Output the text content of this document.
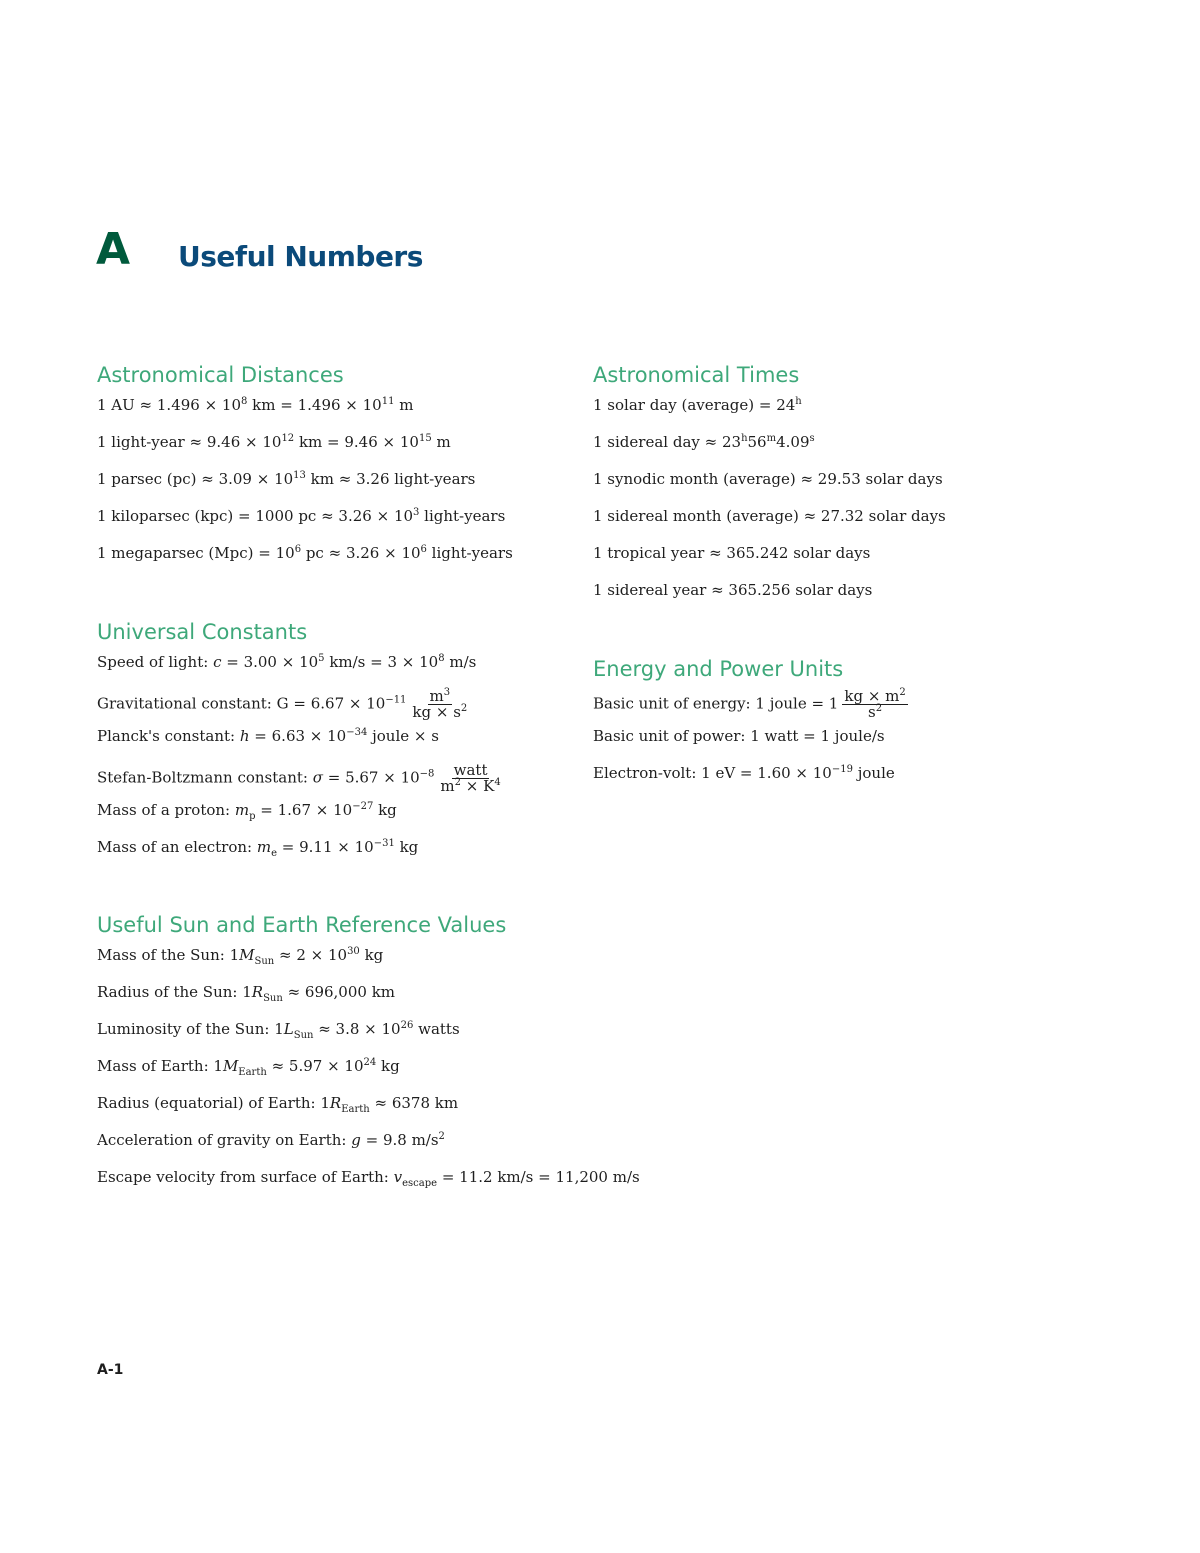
A Useful Numbers
Astronomical Distances
1 AU ≈ $1.496 \times 10^8$ km = $1.496 \times 10^{11}$ m
1 light-year ≈ $9.46 \times 10^{12}$ km = $9.46 \times 10^{15}$ m
1 parsec $(pc) \approx 3.09 \times 10^{13}$ km ≈ 3.26 light-years
1 kiloparsec (kpc) = 1000 pc ≈ $3.26 \times 10^3$ light-years
1 megaparsec $(Mpc) = 10^6$ pc ≈ $3.26 \times 10^6$ light-years
Astronomical Times
1 solar day (average) = $24^h$
1 sidereal day ≈ $23^h56^m4.09^s$
1 synodic month (average) ≈ 29.53 solar days
1 sidereal month (average) ≈ 27.32 solar days
1 tropical year ≈ 365.242 solar days
1 sidereal year ≈ 365.256 solar days
Universal Constants
Speed of light: $c = 3.00 \times 10^5$ $km/s = 3 \times 10^8$ m/s
Gravitational constant: $G = 6.67 \times 10^{-11} \frac{m^3}{kg \times s^2}$
Planck's constant: $h = 6.63 \times 10^{-34}$ joule × s
Stefan-Boltzmann constant: $\sigma = 5.67 \times 10^{-8} \frac{\text{watt}}{m^2 \times K^4}$
Mass of a proton: $m_p = 1.67 \times 10^{-27}$ kg
Mass of an electron: $m_e = 9.11 \times 10^{-31}$ kg
Energy and Power Units
Basic unit of energy: 1 joule = $1 \frac{kg \times m^2}{s^2}$
Basic unit of power: 1 watt = 1 joule/s
Electron-volt: 1 eV = $1.60 \times 10^{-19}$ joule
Useful Sun and Earth Reference Values
Mass of the Sun: $1M_{Sun} \approx 2 \times 10^{30}$ kg
Radius of the Sun: $1R_{Sun} \approx 696,000$ km
Luminosity of the Sun: $1L_{Sun} \approx 3.8 \times 10^{26}$ watts
Mass of Earth: $1M_{Earth} \approx 5.97 \times 10^{24}$ kg
Radius (equatorial) of Earth: $1R_{Earth} \approx 6378$ km
Acceleration of gravity on Earth: g = 9.8 $m/s^2$
Escape velocity from surface of Earth: $v_{escape} = 11.2$ km/s = 11,200 m/s
A-1
